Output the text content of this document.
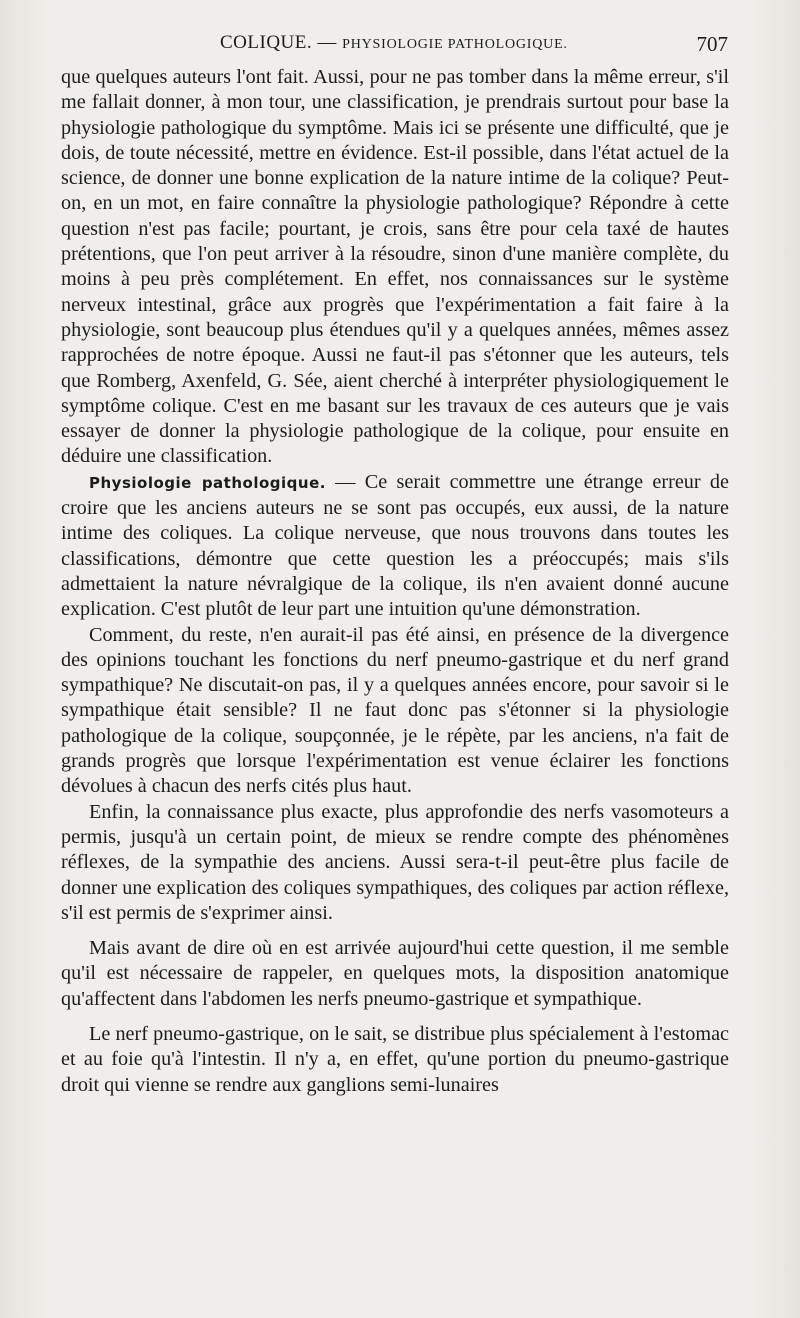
COLIQUE. — PHYSIOLOGIE PATHOLOGIQUE.	707

que quelques auteurs l'ont fait. Aussi, pour ne pas tomber dans la même erreur, s'il me fallait donner, à mon tour, une classification, je prendrais surtout pour base la physiologie pathologique du symptôme. Mais ici se présente une difficulté, que je dois, de toute nécessité, mettre en évidence. Est-il possible, dans l'état actuel de la science, de donner une bonne explication de la nature intime de la colique? Peut-on, en un mot, en faire connaître la physiologie pathologique? Répondre à cette question n'est pas facile; pourtant, je crois, sans être pour cela taxé de hautes prétentions, que l'on peut arriver à la résoudre, sinon d'une manière complète, du moins à peu près complétement. En effet, nos connaissances sur le système nerveux intestinal, grâce aux progrès que l'expérimentation a fait faire à la physiologie, sont beaucoup plus étendues qu'il y a quelques années, mêmes assez rapprochées de notre époque. Aussi ne faut-il pas s'étonner que les auteurs, tels que Romberg, Axenfeld, G. Sée, aient cherché à interpréter physiologiquement le symptôme colique. C'est en me basant sur les travaux de ces auteurs que je vais essayer de donner la physiologie pathologique de la colique, pour ensuite en déduire une classification.

Physiologie pathologique. — Ce serait commettre une étrange erreur de croire que les anciens auteurs ne se sont pas occupés, eux aussi, de la nature intime des coliques. La colique nerveuse, que nous trouvons dans toutes les classifications, démontre que cette question les a préoccupés; mais s'ils admettaient la nature névralgique de la colique, ils n'en avaient donné aucune explication. C'est plutôt de leur part une intuition qu'une démonstration.

Comment, du reste, n'en aurait-il pas été ainsi, en présence de la divergence des opinions touchant les fonctions du nerf pneumo-gastrique et du nerf grand sympathique? Ne discutait-on pas, il y a quelques années encore, pour savoir si le sympathique était sensible? Il ne faut donc pas s'étonner si la physiologie pathologique de la colique, soupçonnée, je le répète, par les anciens, n'a fait de grands progrès que lorsque l'expérimentation est venue éclairer les fonctions dévolues à chacun des nerfs cités plus haut.

Enfin, la connaissance plus exacte, plus approfondie des nerfs vasomoteurs a permis, jusqu'à un certain point, de mieux se rendre compte des phénomènes réflexes, de la sympathie des anciens. Aussi sera-t-il peut-être plus facile de donner une explication des coliques sympathiques, des coliques par action réflexe, s'il est permis de s'exprimer ainsi.

Mais avant de dire où en est arrivée aujourd'hui cette question, il me semble qu'il est nécessaire de rappeler, en quelques mots, la disposition anatomique qu'affectent dans l'abdomen les nerfs pneumo-gastrique et sympathique.

Le nerf pneumo-gastrique, on le sait, se distribue plus spécialement à l'estomac et au foie qu'à l'intestin. Il n'y a, en effet, qu'une portion du pneumo-gastrique droit qui vienne se rendre aux ganglions semi-lunaires
